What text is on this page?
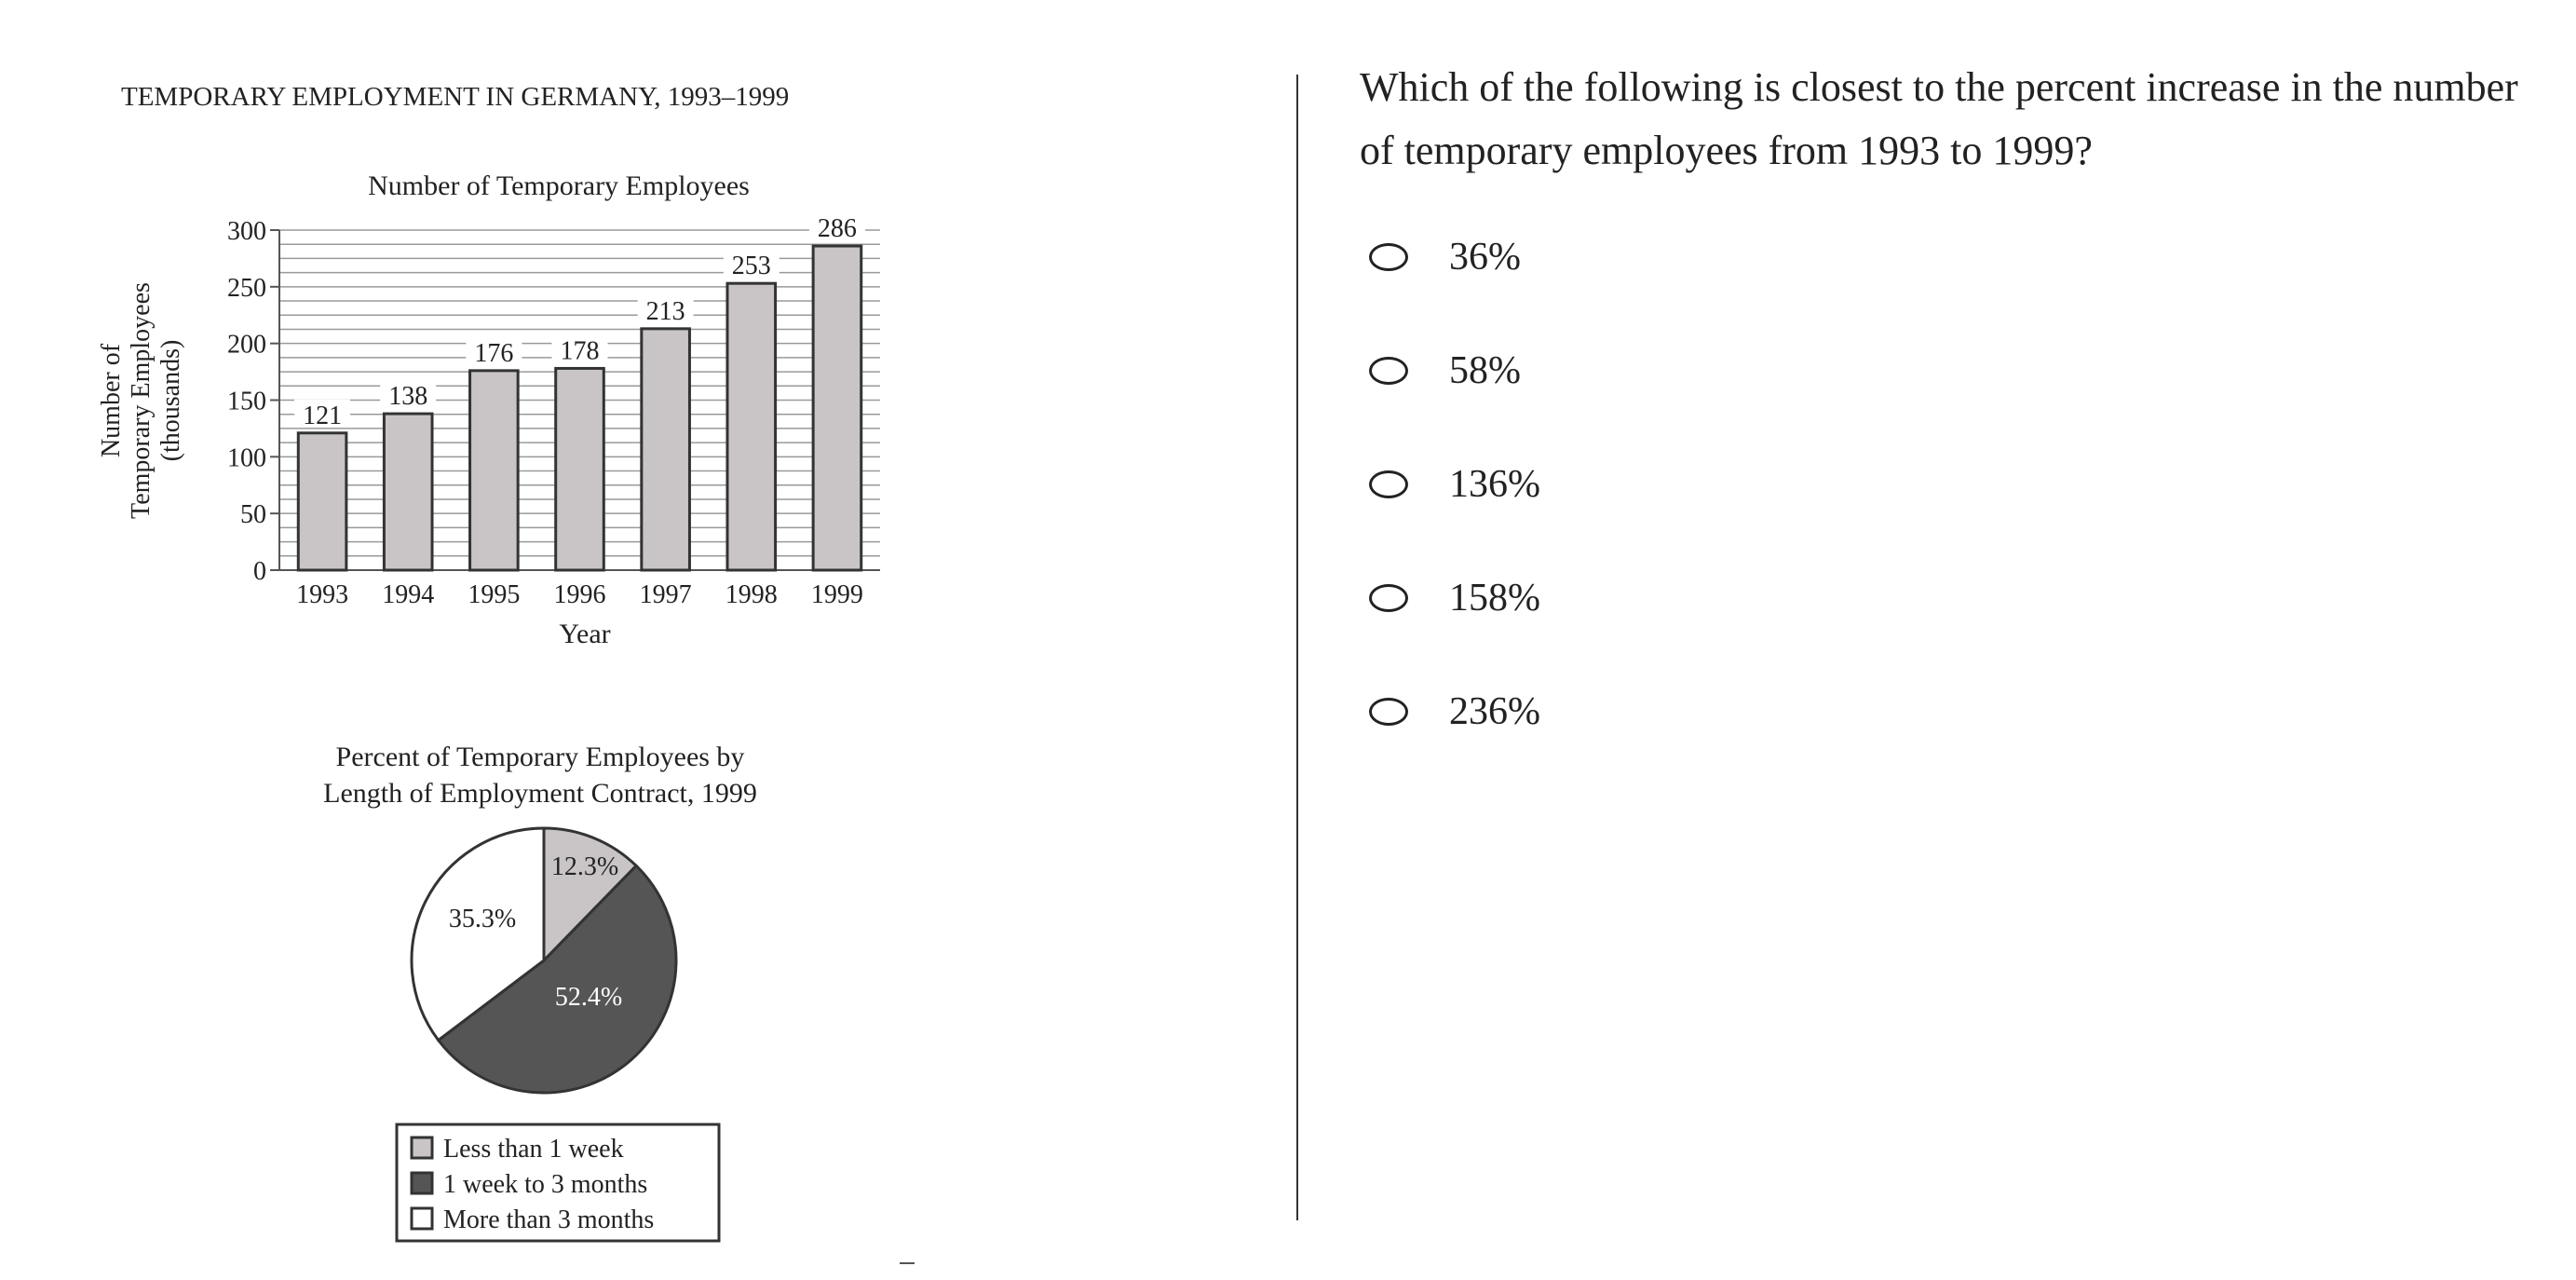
TEMPORARY EMPLOYMENT IN GERMANY, 1993–1999
Number of Temporary Employees
0
50
100
150
200
250
300
121
138
176 178
213
253
286
1993 1994 1995 1996 1997 1998 1999
Year
Number of Temporary Employees (thousands)
Percent of Temporary Employees by
Length of Employment Contract, 1999
12.3%
52.4%
35.3%
Less than 1 week
1 week to 3 months
More than 3 months

Which of the following is closest to the percent increase in the number of temporary employees from 1993 to 1999?

36%
58%
136%
158%
236%
